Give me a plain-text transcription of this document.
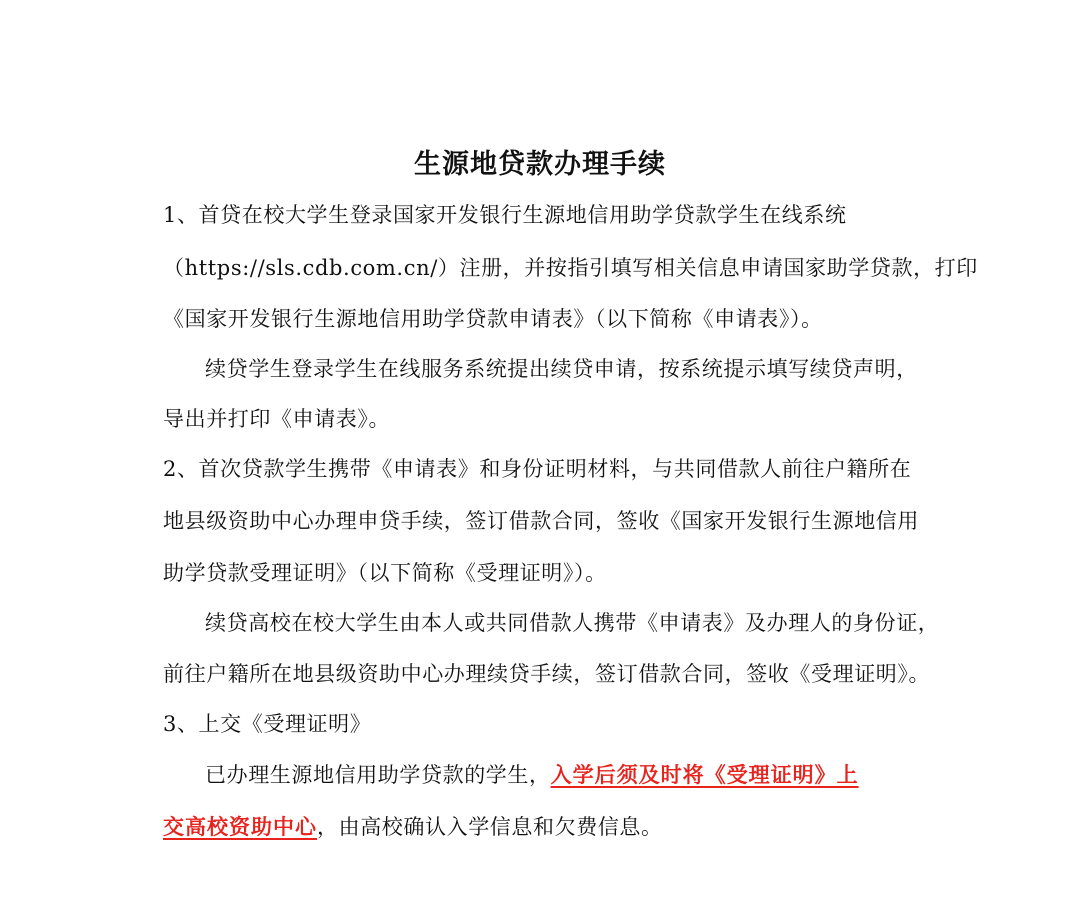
生源地贷款办理手续
1、首贷在校大学生登录国家开发银行生源地信用助学贷款学生在线系统
（https://sls.cdb.com.cn/）注册，并按指引填写相关信息申请国家助学贷款，打印
《国家开发银行生源地信用助学贷款申请表》（以下简称《申请表》）。
续贷学生登录学生在线服务系统提出续贷申请，按系统提示填写续贷声明，
导出并打印《申请表》。
2、首次贷款学生携带《申请表》和身份证明材料，与共同借款人前往户籍所在
地县级资助中心办理申贷手续，签订借款合同，签收《国家开发银行生源地信用
助学贷款受理证明》（以下简称《受理证明》）。
续贷高校在校大学生由本人或共同借款人携带《申请表》及办理人的身份证，
前往户籍所在地县级资助中心办理续贷手续，签订借款合同，签收《受理证明》。
3、上交《受理证明》
已办理生源地信用助学贷款的学生，入学后须及时将《受理证明》上
交高校资助中心，由高校确认入学信息和欠费信息。
